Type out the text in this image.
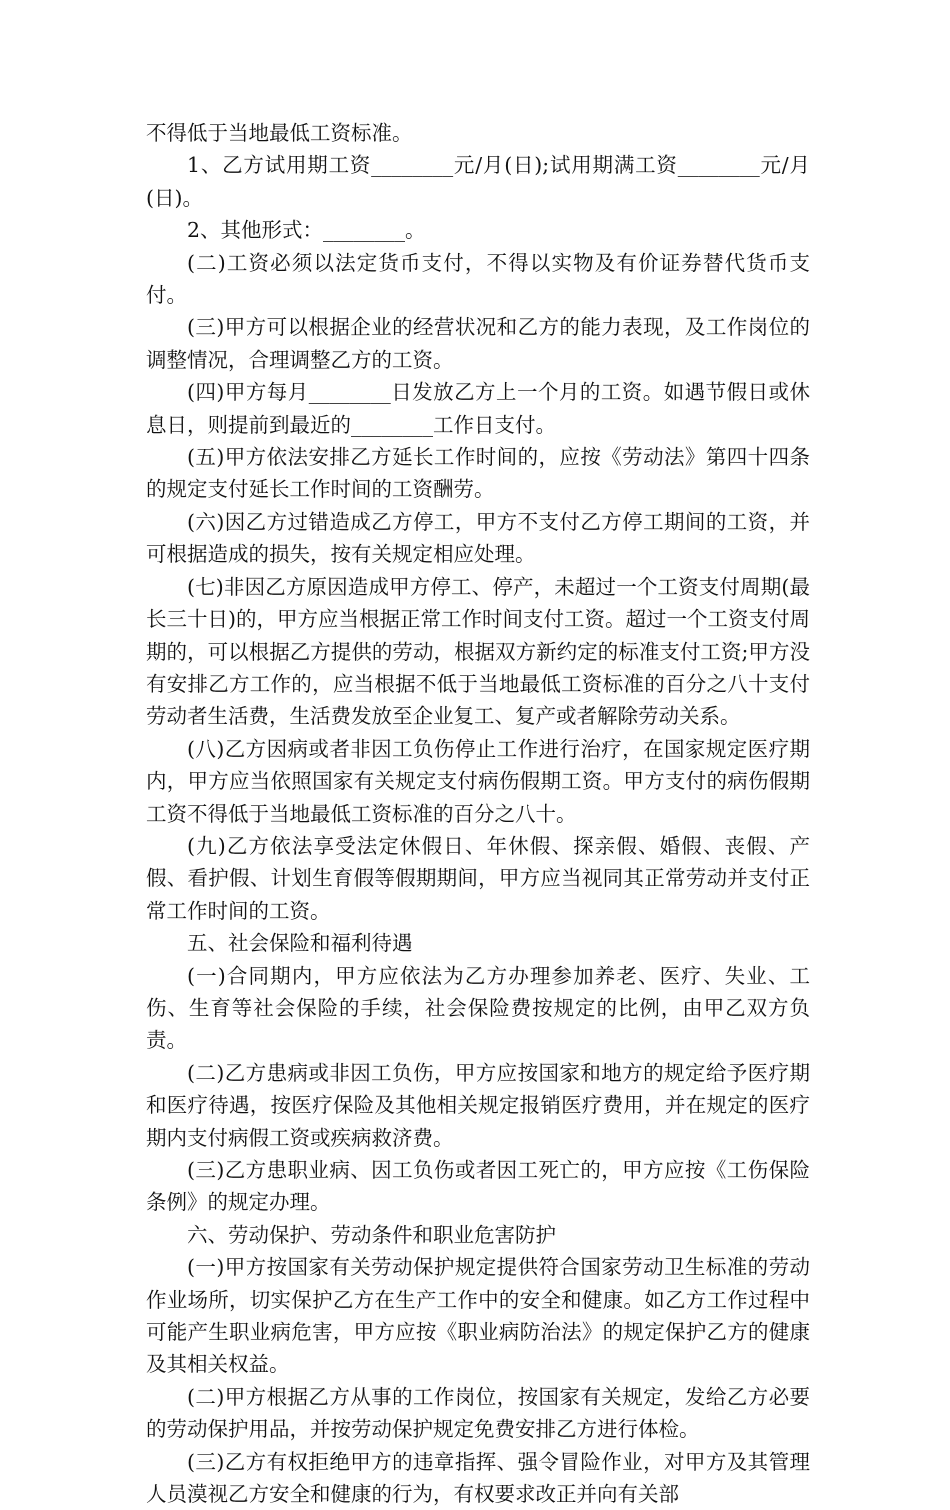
不得低于当地最低工资标准。

1、乙方试用期工资________元/月(日);试用期满工资________元/月(日)。

2、其他形式：________。

(二)工资必须以法定货币支付，不得以实物及有价证券替代货币支付。

(三)甲方可以根据企业的经营状况和乙方的能力表现，及工作岗位的调整情况，合理调整乙方的工资。

(四)甲方每月________日发放乙方上一个月的工资。如遇节假日或休息日，则提前到最近的________工作日支付。

(五)甲方依法安排乙方延长工作时间的，应按《劳动法》第四十四条的规定支付延长工作时间的工资酬劳。

(六)因乙方过错造成乙方停工，甲方不支付乙方停工期间的工资，并可根据造成的损失，按有关规定相应处理。

(七)非因乙方原因造成甲方停工、停产，未超过一个工资支付周期(最长三十日)的，甲方应当根据正常工作时间支付工资。超过一个工资支付周期的，可以根据乙方提供的劳动，根据双方新约定的标准支付工资;甲方没有安排乙方工作的，应当根据不低于当地最低工资标准的百分之八十支付劳动者生活费，生活费发放至企业复工、复产或者解除劳动关系。

(八)乙方因病或者非因工负伤停止工作进行治疗，在国家规定医疗期内，甲方应当依照国家有关规定支付病伤假期工资。甲方支付的病伤假期工资不得低于当地最低工资标准的百分之八十。

(九)乙方依法享受法定休假日、年休假、探亲假、婚假、丧假、产假、看护假、计划生育假等假期期间，甲方应当视同其正常劳动并支付正常工作时间的工资。

五、社会保险和福利待遇

(一)合同期内，甲方应依法为乙方办理参加养老、医疗、失业、工伤、生育等社会保险的手续，社会保险费按规定的比例，由甲乙双方负责。

(二)乙方患病或非因工负伤，甲方应按国家和地方的规定给予医疗期和医疗待遇，按医疗保险及其他相关规定报销医疗费用，并在规定的医疗期内支付病假工资或疾病救济费。

(三)乙方患职业病、因工负伤或者因工死亡的，甲方应按《工伤保险条例》的规定办理。

六、劳动保护、劳动条件和职业危害防护

(一)甲方按国家有关劳动保护规定提供符合国家劳动卫生标准的劳动作业场所，切实保护乙方在生产工作中的安全和健康。如乙方工作过程中可能产生职业病危害，甲方应按《职业病防治法》的规定保护乙方的健康及其相关权益。

(二)甲方根据乙方从事的工作岗位，按国家有关规定，发给乙方必要的劳动保护用品，并按劳动保护规定免费安排乙方进行体检。

(三)乙方有权拒绝甲方的违章指挥、强令冒险作业，对甲方及其管理人员漠视乙方安全和健康的行为，有权要求改正并向有关部
